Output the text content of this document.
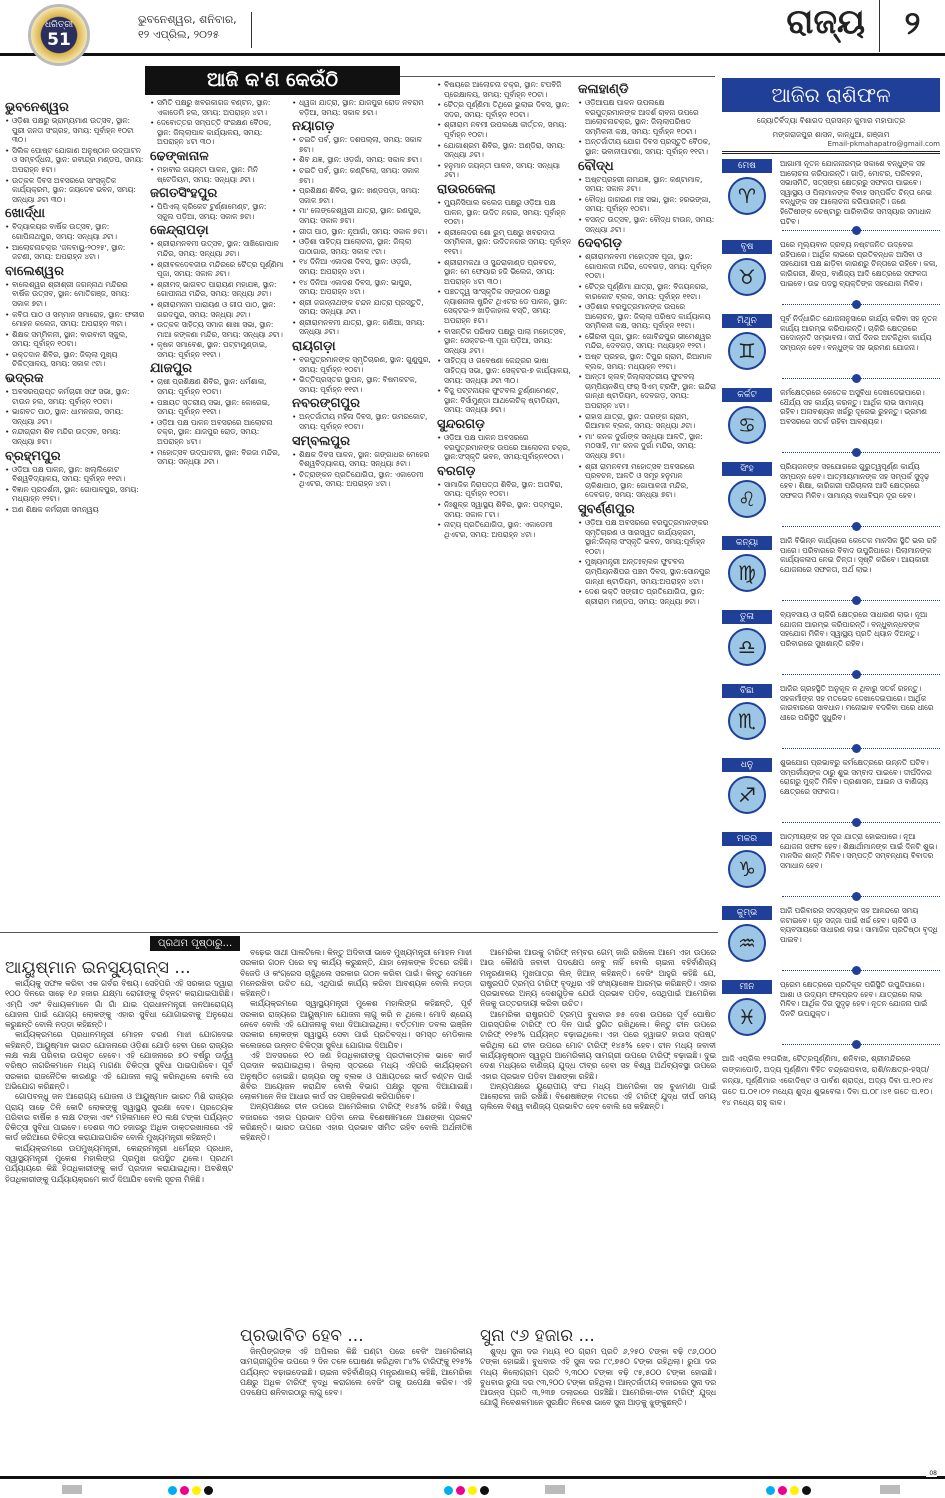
ଧରିତ୍ରୀ
51
ଭୁବନେଶ୍ୱର, ଶନିବାର,
୧୨ ଏପ୍ରିଲ, ୨୦୨୫	ରାଜ୍ୟ	୨
ଆଜି କ'ଣ କେଉଁଠି
ଭୁବନେଶ୍ୱର
• ଓଡ଼ିଶା ପକ୍ଷରୁ ଭ୍ରାମ୍ୟମାଣ ଉତ୍ସବ, ସ୍ଥାନ: ପୁରୀ ଜନତା ସଂଗ୍ରହ, ସମୟ: ପୂର୍ବାହ୍ନ ୧୦ଟା ୩୦।
• ସିଲିକ ପୋଷ୍ଟ ଯୋଗାଣ ଅନୁଷ୍ଠାନ ଉଦ୍‌ଘାଟନ ଓ ସମ୍ବର୍ଦ୍ଧନା, ସ୍ଥାନ: ରବୀନ୍ଦ୍ର ମଣ୍ଡପ, ସମୟ: ଅପରାହ୍ନ ୫ଟା।
• ଉତ୍କଳ ଦିବସ ଅବସରରେ ସାଂସ୍କୃତିକ କାର୍ଯ୍ୟକ୍ରମ, ସ୍ଥାନ: ଜୟଦେବ ଭବନ, ସମୟ: ସନ୍ଧ୍ୟା ୬ଟା ୩୦।
ଖୋର୍ଦ୍ଧା
• ବିଦ୍ୟାଳୟର ବାର୍ଷିକ ଉତ୍ସବ, ସ୍ଥାନ: ଗୋପିନାଥପୁର, ସମୟ: ସନ୍ଧ୍ୟା ୬ଟା।
• ଆଲୋଚନାଚକ୍ର 'ଜଳବାୟୁ-୨୦୨୫', ସ୍ଥାନ: ଜଟଣୀ, ସମୟ: ଅପରାହ୍ନ ୪ଟା।
ବାଲେଶ୍ୱର
• ବାଲେଶ୍ୱର ଶ୍ରୀଶ୍ରୀ ଜଗନ୍ନାଥ ମନ୍ଦିରର ବାର୍ଷିକ ଉତ୍ସବ, ସ୍ଥାନ: ମୋତିଗଞ୍ଜ, ସମୟ: ସକାଳ ୭ଟା।
• କବିତା ପାଠ ଓ ସମ୍ମାନ ସମାରୋହ, ସ୍ଥାନ: ଫକୀର ମୋହନ କଲେଜ, ସମୟ: ଅପରାହ୍ନ ୩ଟା।
• ଶିକ୍ଷକ ସମ୍ମିଳନୀ, ସ୍ଥାନ: ବାରବାଟୀ ସ୍କୁଲ, ସମୟ: ପୂର୍ବାହ୍ନ ୧୦ଟା।
• ରକ୍ତଦାନ ଶିବିର, ସ୍ଥାନ: ଜିଲ୍ଲା ମୁଖ୍ୟ ଚିକିତ୍ସାଳୟ, ସମୟ: ସକାଳ ୯ଟା।
ଭଦ୍ରକ
• ଅବସରପ୍ରାପ୍ତ କର୍ମଚାରୀ ସଙ୍ଘ ସଭା, ସ୍ଥାନ: ଟାଉନ ହଲ, ସମୟ: ପୂର୍ବାହ୍ନ ୧୦ଟା।
• ଭାଗବତ ପାଠ, ସ୍ଥାନ: ଧାମନଗର, ସମୟ: ସନ୍ଧ୍ୟା ୬ଟା।
• ନନ୍ଦୀଗ୍ରାମ ଶିବ ମନ୍ଦିର ଉତ୍ସବ, ସମୟ: ସନ୍ଧ୍ୟା ୭ଟା।
ବ୍ରହ୍ମପୁର
• ଓଡ଼ିଆ ପକ୍ଷ ପାଳନ, ସ୍ଥାନ: ଖଲ୍ଲିକୋଟ ବିଶ୍ୱବିଦ୍ୟାଳୟ, ସମୟ: ପୂର୍ବାହ୍ନ ୧୧ଟା।
• ବିଜ୍ଞାନ ପ୍ରଦର୍ଶନୀ, ସ୍ଥାନ: ଗୋପାଳପୁର, ସମୟ: ମଧ୍ୟାହ୍ନ ୧୨ଟା।
• ଅଣ ଶିକ୍ଷକ କର୍ମଚାରୀ ସମନ୍ୱୟ
• ସମିତି ପକ୍ଷରୁ ଖବରକାଗଜ ବଣ୍ଟନ, ସ୍ଥାନ: ଏକାଡେମି ହଲ, ସମୟ: ଅପରାହ୍ନ ୪ଟା।
• ଦେବୋତ୍ତର ସମ୍ପତ୍ତି ସଂରକ୍ଷଣ ବୈଠକ, ସ୍ଥାନ: ଜିଲ୍ଲାପାଳ କାର୍ଯ୍ୟାଳୟ, ସମୟ: ଅପରାହ୍ନ ୪ଟା ୩୦।
ଢେଙ୍କାନାଳ
• ମହାବୀର ଜୟନ୍ତୀ ପାଳନ, ସ୍ଥାନ: ମିନି ଷ୍ଟେଡିୟମ, ସମୟ: ସନ୍ଧ୍ୟା ୬ଟା।
ଜଗତସିଂହପୁର
• ପିପିଏଲ୍ କ୍ରିକେଟ ଟୁର୍ଣ୍ଣାମେଣ୍ଟ, ସ୍ଥାନ: ସ୍କୁଲ ପଡ଼ିଆ, ସମୟ: ସକାଳ ୭ଟା।
କେନ୍ଦ୍ରାପଡ଼ା
• ଶ୍ରୀରାମନବମୀ ଉତ୍ସବ, ସ୍ଥାନ: ସାଖିଗୋପାଳ ମନ୍ଦିର, ସମୟ: ସନ୍ଧ୍ୟା ୬ଟା।
• ଶ୍ରୀବଳଦେବଜୀଉ ମନ୍ଦିରରେ ଚୈତ୍ର ପୂର୍ଣ୍ଣିମା ପୂଜା, ସମୟ: ସକାଳ ୬ଟା।
• ଶ୍ରୀମଦ୍ ଭାଗବତ ପାରାୟଣ ମହାଯଜ୍ଞ, ସ୍ଥାନ: ଗୋପୀନାଥ ମନ୍ଦିର, ସମୟ: ସନ୍ଧ୍ୟା ୬ଟା।
• ଶ୍ରୀରାମନାମ ପାରାୟଣ ଓ ଗୀତା ପାଠ, ସ୍ଥାନ: ଗରଦପୁର, ସମୟ: ସନ୍ଧ୍ୟା ୬ଟା।
• ଉତ୍କଳ ସାହିତ୍ୟ ସମାଜ ଶାଖା ସଭା, ସ୍ଥାନ: ମାଆ କଙ୍କଣା ମନ୍ଦିର, ସମୟ: ସନ୍ଧ୍ୟା ୬ଟା।
• କୃଷକ ସମାବେଶ, ସ୍ଥାନ: ପଟ୍ଟାମୁଣ୍ଡାଇ, ସମୟ: ପୂର୍ବାହ୍ନ ୧୧ଟା।
ଯାଜପୁର
• ଚାଷୀ ପ୍ରଶିକ୍ଷଣ ଶିବିର, ସ୍ଥାନ: ଧର୍ମଶାଳା, ସମୟ: ପୂର୍ବାହ୍ନ ୧୦ଟା।
• ପଞ୍ଚାୟତ ସ୍ତରୀୟ ସଭା, ସ୍ଥାନ: କୋରେଇ, ସମୟ: ପୂର୍ବାହ୍ନ ୧୧ଟା।
• ଓଡ଼ିଆ ପକ୍ଷ ପାଳନ ଅବସରରେ ଆଲୋଚନା ଚକ୍ର, ସ୍ଥାନ: ଯାଜପୁର ରୋଡ, ସମୟ: ଅପରାହ୍ନ ୪ଟା।
• ମହୋତ୍ସବ ଉଦ୍‌ଘାଟନୀ, ସ୍ଥାନ: ବିରଜା ମନ୍ଦିର, ସମୟ: ସନ୍ଧ୍ୟା ୬ଟା।
• ଧ୍ୱଜା ଯାତ୍ରା, ସ୍ଥାନ: ଯାଜପୁର ରୋଡ ନବରାମ ବଡ଼ିଆ, ସମୟ: ସକାଳ ୭ଟା।
ନୟାଗଡ଼
• ଚଇତି ପର୍ବ, ସ୍ଥାନ: ଦଶପଲ୍ଲା, ସମୟ: ସକାଳ ୭ଟା।
• ଶିବ ଯଜ୍ଞ, ସ୍ଥାନ: ଓଡ଼ଗାଁ, ସମୟ: ସକାଳ ୭ଟା।
• ଚଇତି ପର୍ବ, ସ୍ଥାନ: କଣ୍ଟିଲୋ, ସମୟ: ସକାଳ ୭ଟା।
• ପ୍ରଶିକ୍ଷଣ ଶିବିର, ସ୍ଥାନ: ଖଣ୍ଡପଡ଼ା, ସମୟ: ସକାଳ ୭ଟା।
• ମା' ଲେଙ୍କେଶ୍ୱରୀ ଯାତ୍ରା, ସ୍ଥାନ: ରଣପୁର, ସମୟ: ସକାଳ ୭ଟା।
• ଗୀତା ପାଠ, ସ୍ଥାନ: ନୂଆଗାଁ, ସମୟ: ସକାଳ ୭ଟା।
• ଓଡ଼ିଶା ସାହିତ୍ୟ ଆଲୋଚନା, ସ୍ଥାନ: ଜିଲ୍ଲା ପାଠାଗାର, ସମୟ: ସକାଳ ୯ଟା।
• ୧୪ ଦିନିଆ ଏକାଦଶ ଦିବସ, ସ୍ଥାନ: ଓଡ଼ଗାଁ, ସମୟ: ଅପରାହ୍ନ ୪ଟା।
• ୧୪ ଦିନିଆ ଏକାଦଶ ଦିବସ, ସ୍ଥାନ: ଭାପୁର, ସମୟ: ଅପରାହ୍ନ ୪ଟା।
• ଶ୍ରୀ ଜଗନ୍ନାଥଙ୍କ ଚନ୍ଦନ ଯାତ୍ରା ପ୍ରସ୍ତୁତି, ସମୟ: ସନ୍ଧ୍ୟା ୬ଟା।
• ଶ୍ରୀରାମନବମୀ ଯାତ୍ରା, ସ୍ଥାନ: ଗଣିଆ, ସମୟ: ସନ୍ଧ୍ୟା ୬ଟା।
ରାୟଗଡ଼ା
• ବରପୁତ୍ରମାନଙ୍କ ସ୍ମୃତିଚାରଣ, ସ୍ଥାନ: ଗୁଣୁପୁର, ସମୟ: ପୂର୍ବାହ୍ନ ୧୦ଟା।
• ଭିତ୍ତିପ୍ରସ୍ତର ସ୍ଥାପନ, ସ୍ଥାନ: ବିଷମକଟକ, ସମୟ: ପୂର୍ବାହ୍ନ ୧୧ଟା।
ନବରଙ୍ଗପୁର
• ଅନ୍ତର୍ଜାତୀୟ ମହିଳା ଦିବସ, ସ୍ଥାନ: ଉମରକୋଟ, ସମୟ: ପୂର୍ବାହ୍ନ ୧୦ଟା।
ସମ୍ବଲପୁର
• ଶିକ୍ଷକ ଦିବସ ପାଳନ, ସ୍ଥାନ: ଗଙ୍ଗାଧର ମେହେର ବିଶ୍ୱବିଦ୍ୟାଳୟ, ସମୟ: ସନ୍ଧ୍ୟା ୫ଟା।
• ଚିତ୍ରାଙ୍କନ ପ୍ରତିଯୋଗିତା, ସ୍ଥାନ: ଏକାଡେମୀ ଥିଏଟର, ସମୟ: ଅପରାହ୍ନ ୪ଟା।
• ବିଷୟରେ ଆଲୋଚନା ଚକ୍ର, ସ୍ଥାନ: ଟପବିଜି ପ୍ରେକ୍ଷାଳୟ, ସମୟ: ପୂର୍ବାହ୍ନ ୧୦ଟା।
• ଚୈତ୍ର ପୂର୍ଣ୍ଣିମା ତିଥିରେ ଭୁଲାଇ ଦିବସ, ସ୍ଥାନ: ସଦର, ସମୟ: ପୂର୍ବାହ୍ନ ୧୦ଟା।
• ଶ୍ରୀରାମ ନବମୀ ଉପଲକ୍ଷେ କୀର୍ତ୍ତନ, ସମୟ: ପୂର୍ବାହ୍ନ ୧୦ଟା।
• ଯୋଗାଶ୍ରମ ଶିବିର, ସ୍ଥାନ: ଅଣ୍ଡିରା, ସମୟ: ସନ୍ଧ୍ୟା ୬ଟା।
• ହନୁମାନ ଜୟନ୍ତୀ ପାଳନ, ସମୟ: ସନ୍ଧ୍ୟା ୬ଟା।
ରାଉରକେଲା
• ମ୍ୟୁନିସିପାଲ କଲେଜ ପକ୍ଷରୁ ଓଡ଼ିଆ ପକ୍ଷ ପାଳନ, ସ୍ଥାନ: ଉଦିତ ନଗର, ସମୟ: ପୂର୍ବାହ୍ନ ୧୦ଟା।
• ଶ୍ରୀଲେଦର ଶୋ ରୁମ୍ ପକ୍ଷରୁ ଖବରଦାତା ସମ୍ମିଳନୀ, ସ୍ଥାନ: ଉଦିତନଗର ସମୟ: ପୂର୍ବାହ୍ନ ୧୧ଟା।
• ଶ୍ରୀରାମକଥା ଓ ସୁନ୍ଦରାକାଣ୍ଡ ପ୍ରବଚନ, ସ୍ଥାନ: ମେ ଫେୟାର ହଜି ଭିଲେଜ, ସମୟ: ଅପରାହ୍ନ ୪ଟା ୩୦।
• ପଞ୍ଚତତ୍ତ୍ୱ ସାଂସ୍କୃତିକ ସଙ୍ଗଠନ ପକ୍ଷରୁ ନ୍ୟାଶନାଲ ଷ୍ଟ୍ରିଟ ଥିଏଟର ଡେ ପାଳନ, ସ୍ଥାନ: ସେକ୍ଟର-୨ ଖାଡ଼ିକାହାଲ ବସ୍ତି, ସମୟ: ଅପରାହ୍ନ ୫ଟା।
• ବାସନ୍ତିକ ପରିଷଦ ପକ୍ଷରୁ ପାଲା ମହୋତ୍ସବ, ସ୍ଥାନ: ସେକ୍ଟର-୩ ପୂଜା ପଡ଼ିଆ, ସମୟ: ସନ୍ଧ୍ୟା ୬ଟା।
• ସାହିତ୍ୟ ଓ ଗବେଷଣା କେନ୍ଦ୍ରର ଭାଷା ସାହିତ୍ୟ ସଭା, ସ୍ଥାନ: ସେକ୍ଟର-୭ କାର୍ଯ୍ୟାଳୟ, ସମୟ: ସନ୍ଧ୍ୟା ୬ଟା ୩୦।
• ବିଜୁ ପଟ୍ଟନାୟକ ଫୁଟବଲ ଟୁର୍ଣ୍ଣାମେଣ୍ଟ, ସ୍ଥାନ: ବିର୍ସାମୁଣ୍ଡା ଆଥଲେଟିକ୍ ଷ୍ଟାଡିୟମ, ସମୟ: ସନ୍ଧ୍ୟା ୭ଟା।
ସୁନ୍ଦରଗଡ଼
• ଓଡ଼ିଆ ପକ୍ଷ ପାଳନ ଅବସରରେ ବରପୁତ୍ରମାନଙ୍କ ଉପରେ ଆଲୋଚନା ଚକ୍ର, ସ୍ଥାନ:ସଂସ୍କୃତି ଭବନ, ସମୟ:ପୂର୍ବାହ୍ନ୧୦ଟା।
ବରଗଡ଼
• ସାମାଜିକ ନିରାପତ୍ତା ଶିବିର, ସ୍ଥାନ: ଅତାବିରା, ସମୟ: ପୂର୍ବାହ୍ନ ୧୦ଟା।
• ନିଃଶୁଳ୍କ ସ୍ୱାସ୍ଥ୍ୟ ଶିବିର, ସ୍ଥାନ: ପଦ୍ମପୁର, ସମୟ: ସକାଳ ୮ଟା।
• ନାଟ୍ୟ ପ୍ରତିଯୋଗିତା, ସ୍ଥାନ: ଏକାଡେମୀ ଥିଏଟର, ସମୟ: ଅପରାହ୍ନ ୪ଟା।
କଳାହାଣ୍ଡି
• ଓଡ଼ିଆପକ୍ଷ ପାଳନ ଉପଲକ୍ଷେ ବରପୁତ୍ରମାନଙ୍କ ଆଦର୍ଶ ଚାବନା ଉପରେ ଆଲୋଚନାଚକ୍ର, ସ୍ଥାନ: ଜିଲ୍ଲାପରିଷଦ ସମ୍ମିଳନୀ କକ୍ଷ, ସମୟ: ପୂର୍ବାହ୍ନ ୧୦ଟା।
• ଅନ୍ତର୍ଜାତୀୟ ଯୋଗ ଦିବସ ପ୍ରସ୍ତୁତି ବୈଠକ, ସ୍ଥାନ: ଭବାନୀପାଟଣା, ସମୟ: ପୂର୍ବାହ୍ନ ୧୧ଟା।
ବୌଦ୍ଧ
• ଅଷ୍ଟପ୍ରହରୀ ନାମଯଜ୍ଞ, ସ୍ଥାନ: କଣ୍ଟାମାଳ, ସମୟ: ସକାଳ ୬ଟା।
• ବୌଦ୍ଧ ଜାଗରଣ ମଞ୍ଚ ସଭା, ସ୍ଥାନ: ହରଭଙ୍ଗା, ସମୟ: ପୂର୍ବାହ୍ନ ୧୦ଟା।
• ବସନ୍ତ ଉତ୍ସବ, ସ୍ଥାନ: ବୌଦ୍ଧ ଟାଉନ, ସମୟ: ସନ୍ଧ୍ୟା ୬ଟା।
ଦେବଗଡ଼
• ଶ୍ରୀରାମନବମୀ ମହୋତ୍ସବ ପୂଜା, ସ୍ଥାନ: ଗୋପାଳଜୀ ମନ୍ଦିର, ଦେବଗଡ଼, ସମୟ: ପୂର୍ବାହ୍ନ ୧୦ଟା।
• ଚୈତ୍ର ପୂର୍ଣ୍ଣିମା ଯାତ୍ରା, ସ୍ଥାନ: ବିଜୟନଗର, ବାରକୋଟ ବ୍ଲକ, ସମୟ: ପୂର୍ବାହ୍ନ ୧୧ଟା।
• ଓଡ଼ିଶାର ବରପୁତ୍ରମାନଙ୍କ ଉପରେ ଆଲୋଚନ, ସ୍ଥାନ: ଜିଲ୍ଲା ପରିଷଦ କାର୍ଯ୍ୟାଳୟ ସମ୍ମିଳନୀ କକ୍ଷ, ସମୟ: ପୂର୍ବାହ୍ନ ୧୧ଟା।
• ଭୈରବୀ ପୂଜା, ସ୍ଥାନ: ଗୋବିନ୍ଦପୁର ଭୀମେଶ୍ୱର ମନ୍ଦିର, ଦେବଗଡ଼, ସମୟ: ମଧ୍ୟାହ୍ନ ୧୨ଟା।
• ଅଷ୍ଟ ପ୍ରହର, ସ୍ଥାନ: ତିପୁର ଗ୍ରାମ, ରିଆମାଳ ବ୍ଲକ, ସମୟ: ମଧ୍ୟାହ୍ନ ୧୨ଟା।
• ଆନ୍ତଃ କ୍ଲବ୍ ଜିଲ୍ଲାସ୍ତରୀୟ ଫୁଟବଲ୍ ଚାମ୍ପିୟନଶିପ୍ ଫର୍ ସିଏମ୍ ଟ୍ରଫି, ସ୍ଥାନ: ଇନ୍ଦିରା ଗାନ୍ଧୀ ଷ୍ଟାଡିୟମ, ଦେବଗଡ଼, ସମୟ: ଅପରାହ୍ନ ୪ଟା।
• ରାହାସ ଯାତ୍ରା, ସ୍ଥାନ: ତାରଙ୍ଗ ଗ୍ରାମ, ରିଆମାଳ ବ୍ଲକ, ସମୟ: ସନ୍ଧ୍ୟା ୬ଟା।
• ମା' କନକ ଦୁର୍ଗାଙ୍କ ସନ୍ଧ୍ୟା ଆଳତି, ସ୍ଥାନ: ମଠସାହି, ମା' କନକ ଦୁର୍ଗା ମନ୍ଦିର, ସମୟ: ସନ୍ଧ୍ୟା ୭ଟା।
• ଶ୍ରୀ ରାମନବମୀ ମହୋତ୍ସବ ଅବସରରେ ପ୍ରବଚନ, ଆଳତି ଓ ସମୂହ ହନୁମାନ ଚାଳିଶାପାଠ, ସ୍ଥାନ: ଗୋପାଳଜୀ ମନ୍ଦିର, ଦେବଗଡ଼, ସମୟ: ସନ୍ଧ୍ୟା ୭ଟା।
ସୁବର୍ଣ୍ଣପୁର
• ଓଡ଼ିଆ ପକ୍ଷ ଅବସରରେ ବରପୁତ୍ରମାନଙ୍କର ସ୍ମୃତିଚାରଣ ଓ ସାରସ୍ୱତ କାର୍ଯ୍ୟକ୍ରମ, ସ୍ଥାନ:ଜିଲ୍ଲା ସଂସ୍କୃତି ଭବନ, ସମୟ:ପୂର୍ବାହ୍ନ ୧୦ଟା।
• ମୁଖ୍ୟମନ୍ତ୍ରୀ ଅନ୍ତଃବ୍ଲକ ଫୁଟବଲ ଚାମ୍ପିୟନଶିପର ପଞ୍ଚମ ଦିବସ, ସ୍ଥାନ:ସୋନପୁର ଗାନ୍ଧୀ ଷ୍ଟାଡିୟମ, ସମୟ:ଅପରାହ୍ନ ୪ଟା।
• ଦେଶ ଭକ୍ତି ସଙ୍ଗୀତ ପ୍ରତିଯୋଗିତା, ସ୍ଥାନ: ଶ୍ରୀରାମ ମଣ୍ଡପ, ସମୟ: ସନ୍ଧ୍ୟା ୭ଟା।
ଆଜିର ରାଶିଫଳ
ଜ୍ୟୋତିର୍ବିଦ୍ୟା ବିଶାରଦ ପ୍ରସନ୍ନ କୁମାର ମହାପାତ୍ର
ମଙ୍ଗରାଜପୁର ଶାସନ, କାନ୍ଧୁଆ, ଗଞ୍ଜାମ
Email-pkmahapatro@gmail.com
ମେଷ
♈
ଆଗାମୀ ନୂତନ ଯୋଜନାରମ୍ଭ ସକାଶେ ବନ୍ଧୁଙ୍କ ସହ ଆଲୋଚନା କରିପାରନ୍ତି। ଗାଡ଼ି, ମୋଟର, ପରିବହନ, ସଭାସମିତି, ସତ୍ସଙ୍ଗ କ୍ଷେତ୍ରରୁ ସଫଳତା ପାଇବେ। ସ୍ୱାସ୍ଥ୍ୟ ଓ ପିଲାମାନଙ୍କ ବିବାହ ସମ୍ପର୍କିତ ଚିନ୍ତା ନେଇ ବନ୍ଧୁଙ୍କ ସହ ଆଲୋଚନା କରିପାରନ୍ତି। ଜଣେ ହିତୈଷୀଙ୍କ ଚେଷ୍ଟାରୁ ପାରିବାରିକ ସମସ୍ୟାର ସମାଧାନ ଘଟିବ।
ବୃଷ
♉
ଘରେ ମୂଲ୍ୟବାନ ଦ୍ରବ୍ୟ ନଷ୍ଟଜନିତ ଉଦ୍‌ବେଗ ରହିପାରେ। ଆର୍ଥିକ ଲାଭରେ ପ୍ରତିବନ୍ଧକ ଆସିବା ଓ ସହଯୋଗୀ ପକ୍ଷ ଛାଡ଼ିବା କାରଣରୁ ଚିନ୍ତାରେ ରହିବେ। କଳା, କାରିଗରୀ, ଶିଳ୍ପ, ବାଣିଜ୍ୟ ଆଦି କ୍ଷେତ୍ରରେ ସଫଳତା ପାଇବେ। ଉଚ୍ଚ ପଦସ୍ଥ ବ୍ୟକ୍ତିଙ୍କ ସହଯୋଗ ମିଳିବ।
ମିଥୁନ
♊
ପୂର୍ବ ନିର୍ଦ୍ଧାରିତ ଯୋଜନାନୁସାରେ କାର୍ଯ୍ୟ କରିବା ସହ ନୂତନ କାର୍ଯ୍ୟ ଆରମ୍ଭ କରିପାରନ୍ତି। ଚାକିରି କ୍ଷେତ୍ରରେ ପଦୋନ୍ନତି ସମ୍ଭାବନା। ଦୀର୍ଘ ଦିନର ଅଟକିଥିବା କାର୍ଯ୍ୟ ସମ୍ପନ୍ନ ହେବ। ବନ୍ଧୁଙ୍କ ସହ ଭ୍ରମଣ ଯୋଜନା।
କର୍କଟ
♋
କର୍ମକ୍ଷେତ୍ରରେ କେତେକ ଅସୁବିଧା ଦେଖାଦେଇପାରେ। ଧୈର୍ଯ୍ୟ ସହ କାର୍ଯ୍ୟ କରନ୍ତୁ। ଆର୍ଥିକ ଲାଭ ସାମାନ୍ୟ ରହିବ। ଅନାବଶ୍ୟକ ଖର୍ଚ୍ଚରୁ ଦୂରେଇ ରୁହନ୍ତୁ। ଭ୍ରମଣ ଅବସରରେ ସତର୍କ ରହିବା ଆବଶ୍ୟକ।
ସିଂହ
♌
ପ୍ରିୟଜନଙ୍କ ସହଯୋଗରେ ଗୁରୁତ୍ୱପୂର୍ଣ୍ଣ କାର୍ଯ୍ୟ ସମ୍ପନ୍ନ ହେବ। ଆତ୍ମୀୟମାନଙ୍କ ସହ ସମ୍ପର୍କ ସୁଦୃଢ଼ ହେବ। ଶିକ୍ଷା, କାରିଗରୀ ପରିଚାଳନା ଆଦି କ୍ଷେତ୍ରରେ ସଫଳତା ମିଳିବ। ସାମାନ୍ୟ ବାଧାବିଘ୍ନ ଦୂର ହେବ।
କନ୍ୟା
♍
ଆଜି ବିଭିନ୍ନ କାର୍ଯ୍ୟରେ କେତେକ ମାନସିକ ସ୍ଥିତି ଭଲ ରହି ପାରେ। ପରିବାରରେ ବିବାଦ ଉପୁଜିପାରେ। ପିଲାମାନଙ୍କ କାର୍ଯ୍ୟକଳାପ ନେଇ ଚିନ୍ତା। ସୃଷ୍ଟି କରିବେ। ଆୟକାରୀ ଯୋଜନାରେ ସଫଳତା, ଅର୍ଥ ଲାଭ।
ତୁଳା
♎
ବ୍ୟବସାୟ ଓ ଚାକିରି କ୍ଷେତ୍ରରେ ସାଧାରଣ ଲାଭ। ନୂଆ ଯୋଜନା ଆରମ୍ଭ କରିପାରନ୍ତି। ବନ୍ଧୁବାନ୍ଧବଙ୍କ ସହଯୋଗ ମିଳିବ। ସ୍ୱାସ୍ଥ୍ୟ ପ୍ରତି ଧ୍ୟାନ ଦିଅନ୍ତୁ। ପରିବାରରେ ସୁଖଶାନ୍ତି ରହିବ।
ବିଛା
♏
ଆଜିର ଗ୍ରହସ୍ଥିତି ଅନୁକୂଳ ନ ଥିବାରୁ ସତର୍କ ରହନ୍ତୁ। ସହକର୍ମୀଙ୍କ ସହ ମତଭେଦ ଦେଖାଦେଇପାରେ। ଆର୍ଥିକ କାରବାରରେ ସାବଧାନ। ମନୋଭାବ ବଦଳିବା ପରେ ଧୀରେ ଧୀରେ ପରିସ୍ଥିତି ସୁଧୁରିବ।
ଧନୁ
♐
ଶୁଭଯୋଗ ପ୍ରଭାବରୁ କର୍ମକ୍ଷେତ୍ରରେ ଉନ୍ନତି ଘଟିବ। ସମ୍ପର୍କୀୟଙ୍କ ଠାରୁ ଶୁଭ ସମ୍ବାଦ ପାଇବେ। ଦୀର୍ଘଦିନର ରୋଗରୁ ମୁକ୍ତି ମିଳିବ। ପ୍ରଶାସନ, ଆଇନ ଓ ବାଣିଜ୍ୟ କ୍ଷେତ୍ରରେ ସଫଳତା।
ମକର
♑
ଆତ୍ମୀୟଙ୍କ ସହ ଦୂର ଯାତ୍ରା ହୋଇପାରେ। ନୂଆ ଯୋଜନା ସଫଳ ହେବ। ଶିକ୍ଷାର୍ଥୀମାନଙ୍କ ପାଇଁ ଦିନଟି ଶୁଭ। ମାନସିକ ଶାନ୍ତି ମିଳିବ। ସମ୍ପତ୍ତି ସମ୍ବନ୍ଧୀୟ ବିବାଦର ସମାଧାନ ହେବ।
କୁମ୍ଭ
♒
ଆଜି ପରିବାରର ସଦସ୍ୟଙ୍କ ସହ ଆନନ୍ଦରେ ସମୟ କଟାଇବେ। ଗୃହ ସଜ୍ଜା ପାଇଁ ଖର୍ଚ୍ଚ ହେବ। ଚାକିରି ଓ ବ୍ୟବସାୟରେ ସାଧାରଣ ଲାଭ। ସାମାଜିକ ପ୍ରତିଷ୍ଠା ବୃଦ୍ଧି ପାଇବ।
ମୀନ
♓
ପ୍ରେମ କ୍ଷେତ୍ରରେ ପ୍ରତିକୂଳ ପରିସ୍ଥିତି ଉପୁଜିପାରେ। ଆଶା ଓ ଉଦ୍ୟମ ଫଳପ୍ରଦ ହେବ। ଯାତ୍ରାରେ ଲାଭ ମିଳିବ। ଆର୍ଥିକ ଦିଗ ସୁଦୃଢ଼ ହେବ। ନୂତନ ଯୋଜନା ପାଇଁ ଦିନଟି ଉପଯୁକ୍ତ।
ଆଜି ଏପ୍ରିଲ ୧୨ତାରିଖ, ଚୈତ୍ରପୂର୍ଣ୍ଣିମା, ଶନିବାର, ଶ୍ରୀମନ୍ଦିରରେ ଲଙ୍କାପୋଡ଼ି, ଅଦ୍ୟ ପୂର୍ଣ୍ଣିମା ବିହିତ ଚନ୍ଦ୍ରୋପବାସ, ରାଶି/ନକ୍ଷତ୍ର-ହସ୍ତା/କନ୍ୟା, ପୂର୍ଣ୍ଣିମାର ଏକୋଦିଷ୍ଟ ଓ ପାର୍ବଣ ଶ୍ରାଦ୍ଧ, ଅଦ୍ୟ ଦିବା ଘ.୧୦।୧୪ ଗତେ ଘ.୦୧।୦୨ ମଧ୍ୟେ ଶୁଦ୍ଧ ଶୁଭବେଳା। ଦିବା ଘ.୦୮।୪୧ ଗତେ ଘ.୧୦।୧୪ ମଧ୍ୟେ ରାହୁ କାଳ।
ପ୍ରଥମ ପୃଷ୍ଠାରୁ...
ଆୟୁଷ୍ମାନ ଇନସ୍ୟୁରାନ୍ସ ...

କାର୍ଯ୍ୟକୁ ସଫଳ କରିବା ଏକ ଗର୍ବର ବିଷୟ। ସେହିପରି ଏହି ସରକାର ଦ୍ୱାରା ୧୦୦ ଦିନରେ ସାଢ଼େ ୧୬ ହଜାର ଯକ୍ଷ୍ମା ରୋଗୀଙ୍କୁ ଚିହ୍ନଟ କରାଯାଇପାରିଛି। ଏମ୍‌ପି ଏବଂ ବିଧାୟକମାନେ ଗାଁ ଗାଁ ଯାଇ ପ୍ରଧାନମନ୍ତ୍ରୀ ଜନଆରୋଗ୍ୟ ଯୋଜନା ପାଇଁ ଯୋଗ୍ୟ ଲୋକଙ୍କୁ ଏହାର ସୁବିଧା ଯୋଗାଇବାକୁ ଅନୁରୋଧ କରୁଛନ୍ତି ବୋଲି ନଡ୍ଡା କହିଛନ୍ତି।

କାର୍ଯ୍ୟକ୍ରମରେ ପ୍ରଧାନମନ୍ତ୍ରୀ ମୋହନ ଚରଣ ମାଝୀ ଯୋଗଦେଇ କହିଛନ୍ତି, ଆୟୁଷ୍ମାନ ଭାରତ ଯୋଜନାରେ ଓଡ଼ିଶା ଯୋଡ଼ି ହେବା ପରେ ରାଜ୍ୟର ଲକ୍ଷ ଲକ୍ଷ ପରିବାର ଉପକୃତ ହେବେ। ଏହି ଯୋଜନାରେ ୭୦ ବର୍ଷରୁ ଊର୍ଦ୍ଧ୍ୱ ବରିଷ୍ଠ ନାଗରିକମାନେ ମଧ୍ୟ ମାଗଣା ଚିକିତ୍ସା ସୁବିଧା ପାଇପାରିବେ। ପୂର୍ବ ସରକାର ରାଜନୈତିକ କାରଣରୁ ଏହି ଯୋଜନା ଲାଗୁ କରିନଥିଲେ ବୋଲି ସେ ଅଭିଯୋଗ କରିଛନ୍ତି।

ଗୋପବନ୍ଧୁ ଜନ ଆରୋଗ୍ୟ ଯୋଜନା ଓ ଆୟୁଷ୍ମାନ ଭାରତ ମିଶି ରାଜ୍ୟର ପ୍ରାୟ ସାଢ଼େ ତିନି କୋଟି ଲୋକଙ୍କୁ ସ୍ୱାସ୍ଥ୍ୟ ସୁରକ୍ଷା ଦେବ। ପ୍ରତ୍ୟେକ ପରିବାର ବାର୍ଷିକ ୫ ଲକ୍ଷ ଟଙ୍କା ଏବଂ ମହିଳାମାନେ ୧୦ ଲକ୍ଷ ଟଙ୍କା ପର୍ଯ୍ୟନ୍ତ ଚିକିତ୍ସା ସୁବିଧା ପାଇବେ। ଦେଶର ୩୦ ହଜାରରୁ ଅଧିକ ଡାକ୍ତରଖାନାରେ ଏହି କାର୍ଡ ଜରିଆରେ ଚିକିତ୍ସା କରାଯାଇପାରିବ ବୋଲି ମୁଖ୍ୟମନ୍ତ୍ରୀ କହିଛନ୍ତି।

କାର୍ଯ୍ୟକ୍ରମରେ ଉପମୁଖ୍ୟମନ୍ତ୍ରୀ, କେନ୍ଦ୍ରମନ୍ତ୍ରୀ ଧର୍ମେନ୍ଦ୍ର ପ୍ରଧାନ, ସ୍ୱାସ୍ଥ୍ୟମନ୍ତ୍ରୀ ମୁକେଶ ମହାଲିଙ୍ଗ ପ୍ରମୁଖ ଉପସ୍ଥିତ ଥିଲେ। ପ୍ରଥମ ପର୍ଯ୍ୟାୟରେ କିଛି ହିତାଧିକାରୀଙ୍କୁ କାର୍ଡ ପ୍ରଦାନ କରାଯାଇଥିଲା। ଅବଶିଷ୍ଟ ହିତାଧିକାରୀଙ୍କୁ ପର୍ଯ୍ୟାୟକ୍ରମେ କାର୍ଡ ଦିଆଯିବ ବୋଲି ସୂଚନା ମିଳିଛି।

ବଢ଼େଇ ସାଥୀ ପାଲଟିଲେ। କିନ୍ତୁ ଅଦିବାସୀ ଭାବେ ମୁଖ୍ୟମନ୍ତ୍ରୀ ମୋହନ ମାଝୀ ସରକାର ଗଠନ ପରେ ବହୁ କାର୍ଯ୍ୟ କରୁଛନ୍ତି, ଯାହା ଲୋକଙ୍କ ହିତରେ ରହିଛି। ବିଜେଡି ଓ କଂଗ୍ରେସ ଚାହୁଁଥିଲେ ସରକାର ଗଠନ କରିବା ପାଇଁ। କିନ୍ତୁ ସେମାନେ ମନେରଖିବା ଉଚିତ ଯେ, ଏଥିପାଇଁ କାର୍ଯ୍ୟ କରିବା ଆବଶ୍ୟକ ବୋଲି ନଡ୍ଡା କହିଛନ୍ତି।

କାର୍ଯ୍ୟକ୍ରମରେ ସ୍ୱାସ୍ଥ୍ୟମନ୍ତ୍ରୀ ମୁକେଶ ମହାଲିଙ୍ଗ କହିଛନ୍ତି, ପୂର୍ବ ସରକାର ରାଜ୍ୟରେ ଆୟୁଷ୍ମାନ ଯୋଜନା ଲାଗୁ କରି ନ ଥିଲେ। ମୋଦି ଶ୍ରେୟ ନେବେ ବୋଲି ଏହି ଯୋଜନାକୁ ବାଧା ଦିଆଯାଇଥିଲା। ବର୍ତ୍ତମାନ ଡବଲ ଇଞ୍ଜିନ ସରକାର ଲୋକଙ୍କ ସ୍ୱାସ୍ଥ୍ୟ ସେବା ପାଇଁ ପ୍ରତିବଦ୍ଧ। ସମସ୍ତ ମେଡିକାଲ କଲେଜରେ ଉନ୍ନତ ଚିକିତ୍ସା ସୁବିଧା ଯୋଗାଇ ଦିଆଯିବ।

ଏହି ଅବସରରେ ୧୦ ଜଣ ହିତାଧିକାରୀଙ୍କୁ ପ୍ରତୀକାତ୍ମକ ଭାବେ କାର୍ଡ ପ୍ରଦାନ କରାଯାଇଥିଲା। ଜିଲ୍ଲା ସ୍ତରରେ ମଧ୍ୟ ଏହିପରି କାର୍ଯ୍ୟକ୍ରମ ଅନୁଷ୍ଠିତ ହୋଇଛି। ରାଜ୍ୟର ସବୁ ବ୍ଲକ ଓ ପଞ୍ଚାୟତରେ କାର୍ଡ ବଣ୍ଟନ ପାଇଁ ଶିବିର ଆୟୋଜନ କରାଯିବ ବୋଲି ବିଭାଗ ପକ୍ଷରୁ ସୂଚନା ଦିଆଯାଇଛି। ଲୋକମାନେ ନିଜ ଆଧାର କାର୍ଡ ସହ ପଞ୍ଜିକରଣ କରିପାରିବେ।

ଅନ୍ୟପକ୍ଷରେ ଚୀନ ଉପରେ ଆମେରିକାର ଟାରିଫ୍ ୧୪୫% ରହିଛି। ବିଶ୍ୱ ବଜାରରେ ଏହାର ପ୍ରଭାବ ପଡ଼ିବା ନେଇ ବିଶେଷଜ୍ଞମାନେ ଆଶଙ୍କା ପ୍ରକଟ କରିଛନ୍ତି। ଭାରତ ଉପରେ ଏହାର ପ୍ରଭାବ ସୀମିତ ରହିବ ବୋଲି ଅର୍ଥନୀତିଜ୍ଞ କହିଛନ୍ତି।

ଆମେରିକା ଆଉକୁ ଟାରିଫ୍ ନମ୍ବର ଗେମ୍ ଜାରି ରଖିଲେ ଆମେ ଏହା ଉପରେ ଆଉ କୌଣସି ଜବାବୀ ପଦକ୍ଷେପ ନେବୁ ନାହିଁ ବୋଲି ଚାଇନା ବହିର୍ବାଣିଜ୍ୟ ମନ୍ତ୍ରଣାଳୟ ମୁଖପାତ୍ର ଲିନ୍ ଜିଆନ୍ କହିଛନ୍ତି। ବେଜିଂ ଆହୁରି କହିଛି ଯେ, ରାଷ୍ଟ୍ରପତି ଟ୍ରମ୍ପ ଟାରିଫ୍ ବୃଦ୍ଧିର ଏହି ସଂଖ୍ୟାଖେଳ ଆରମ୍ଭ କରିଛନ୍ତି। ଏହାର ପ୍ରଭାବରେ ଅନ୍ୟ ଦେଶଗୁଡ଼ିକ ଯେଉଁ ପ୍ରଭାବ ପଡ଼ିବ, ସେଥିପାଇଁ ଆମେରିକା ନିଜକୁ ଉତ୍ତରଦାୟୀ କରିବା ଉଚିତ।

ଆମେରିକା ରାଷ୍ଟ୍ରପତି ଟ୍ରମ୍ପ ବୁଧବାର ୭୫ ଦେଶ ଉପରେ ପୂର୍ବ ଘୋଷିତ ପାରସ୍ପରିକ ଟାରିଫ୍ ୯୦ ଦିନ ପାଇଁ ସ୍ଥଗିତ ରଖିଥିଲେ। କିନ୍ତୁ ଚୀନ ଉପରେ ଟାରିଫ୍ ୧୨୫% ପର୍ଯ୍ୟନ୍ତ ବଢ଼ାଇଥିଲେ। ଏହା ପରେ ହ୍ୱାଇଟ ହାଉସ ସ୍ପଷ୍ଟ କରିଥିଲା ଯେ ଚୀନ ଉପରେ ମୋଟ ଟାରିଫ୍ ୧୪୫% ହେବ। ଚୀନ ମଧ୍ୟ ଜବାବୀ କାର୍ଯ୍ୟାନୁଷ୍ଠାନ ସ୍ୱରୂପ ଆମେରିକୀୟ ସାମଗ୍ରୀ ଉପରେ ଟାରିଫ୍ ବଢ଼ାଇଛି। ଦୁଇ ଦେଶ ମଧ୍ୟରେ ବାଣିଜ୍ୟ ଯୁଦ୍ଧ ତୀବ୍ର ହେବା ସହ ବିଶ୍ୱ ଅର୍ଥବ୍ୟବସ୍ଥା ଉପରେ ଏହାର ପ୍ରଭାବ ପଡ଼ିବା ଆଶଙ୍କା ରହିଛି।

ଅନ୍ୟପକ୍ଷରେ ୟୁରୋପୀୟ ସଂଘ ମଧ୍ୟ ଆମେରିକା ସହ ବୁଝାମଣା ପାଇଁ ଆଲୋଚନା ଜାରି ରଖିଛି। ବିଶେଷଜ୍ଞଙ୍କ ମତରେ ଏହି ଟାରିଫ୍ ଯୁଦ୍ଧ ଦୀର୍ଘ ସମୟ ଚାଲିଲେ ବିଶ୍ୱ ବାଣିଜ୍ୟ ପ୍ରଭାବିତ ହେବ ବୋଲି ସେ କହିଛନ୍ତି।

ପ୍ରଭାବିତ ହେବ ...

ଜିନ୍‌ପିଙ୍ଗଙ୍କ ଏହି ଅପିଲର କିଛି ଘଣ୍ଟା ପରେ ବେଜିଂ ଆମେରିକୀୟ ସାମଗ୍ରୀଗୁଡ଼ିକ ଉପରେ ୨ ଦିନ ତଳେ ଘୋଷଣା କରିଥିବା ୮୪% ଟାରିଫ୍‌କୁ ୧୨୫% ପର୍ଯ୍ୟନ୍ତ ବଢ଼ାଇଦେଇଛି। ଚାଇନା ବହିର୍ବାଣିଜ୍ୟ ମନ୍ତ୍ରଣାଳୟ କହିଛି, ଆମେରିକା ପକ୍ଷରୁ ଅଧିକ ଟାରିଫ୍ ବୃଦ୍ଧି କରାଗଲେ ବେଜିଂ ତାକୁ ଉପେକ୍ଷା କରିବ। ଏହି ପଦକ୍ଷେପ ଶନିବାରଠାରୁ ଲାଗୁ ହେବ।

ସୁନା ୯୬ ହଜାର ...

ଶୁଦ୍ଧ ସୁନା ଦର ମଧ୍ୟ ୧୦ ଗ୍ରାମ ପ୍ରତି ୬,୨୫୦ ଟଙ୍କା ବଢ଼ି ୯୬,୦୦୦ ଟଙ୍କା ହୋଇଛି। ବୁଧବାର ଏହି ସୁନା ଦର ୮୯,୭୫୦ ଟଙ୍କା ରହିଥିଲା। ରୁପା ଦର ମଧ୍ୟ କିଲୋଗ୍ରାମ ପ୍ରତି ୨,୩୦୦ ଟଙ୍କା ବଢ଼ି ୯୫,୫୦୦ ଟଙ୍କା ହୋଇଛି। ବୁଧବାର ରୁପା ଦର ୯୩,୨୦୦ ଟଙ୍କା ରହିଥିଲା। ଆନ୍ତର୍ଜାତୀୟ ବଜାରରେ ସୁନା ଦର ଆଉନ୍ସ ପ୍ରତି ୩,୨୩୭ ଡଲାରରେ ପହଞ୍ଚିଛି। ଆମେରିକା-ଚୀନ ଟାରିଫ୍ ଯୁଦ୍ଧ ଯୋଗୁଁ ନିବେଶକମାନେ ସୁରକ୍ଷିତ ନିବେଶ ଭାବେ ସୁନା ଆଡ଼କୁ ଝୁଙ୍କୁଛନ୍ତି।

08
